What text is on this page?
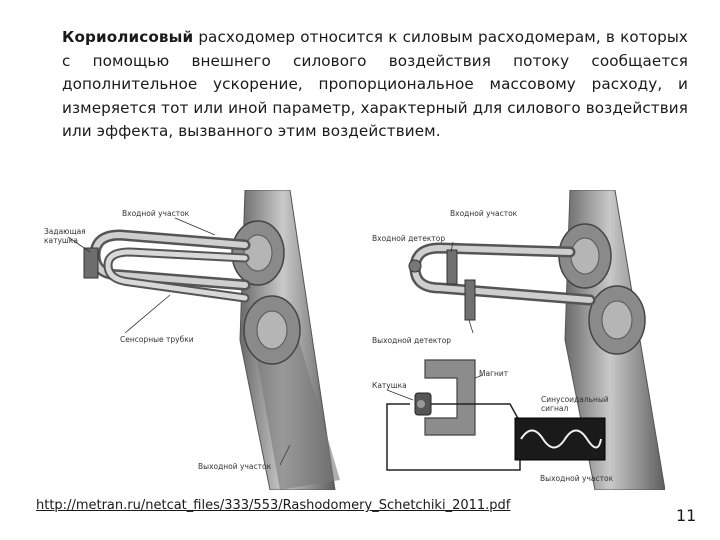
Кориолисовый расходомер относится к силовым расходомерам, в которых с помощью внешнего силового воздействия потоку сообщается дополнительное ускорение, пропорциональное массовому расходу, и измеряется тот или иной параметр, характерный для силового воздействия или эффекта, вызванного этим воздействием.
Входной участок
Задающая
катушка
Сенсорные трубки
Выходной участок
Входной участок
Входной детектор
Выходной детектор
Катушка
Магнит
Синусоидальный
сигнал
Выходной участок
http://metran.ru/netcat_files/333/553/Rashodomery_Schetchiki_2011.pdf
11
